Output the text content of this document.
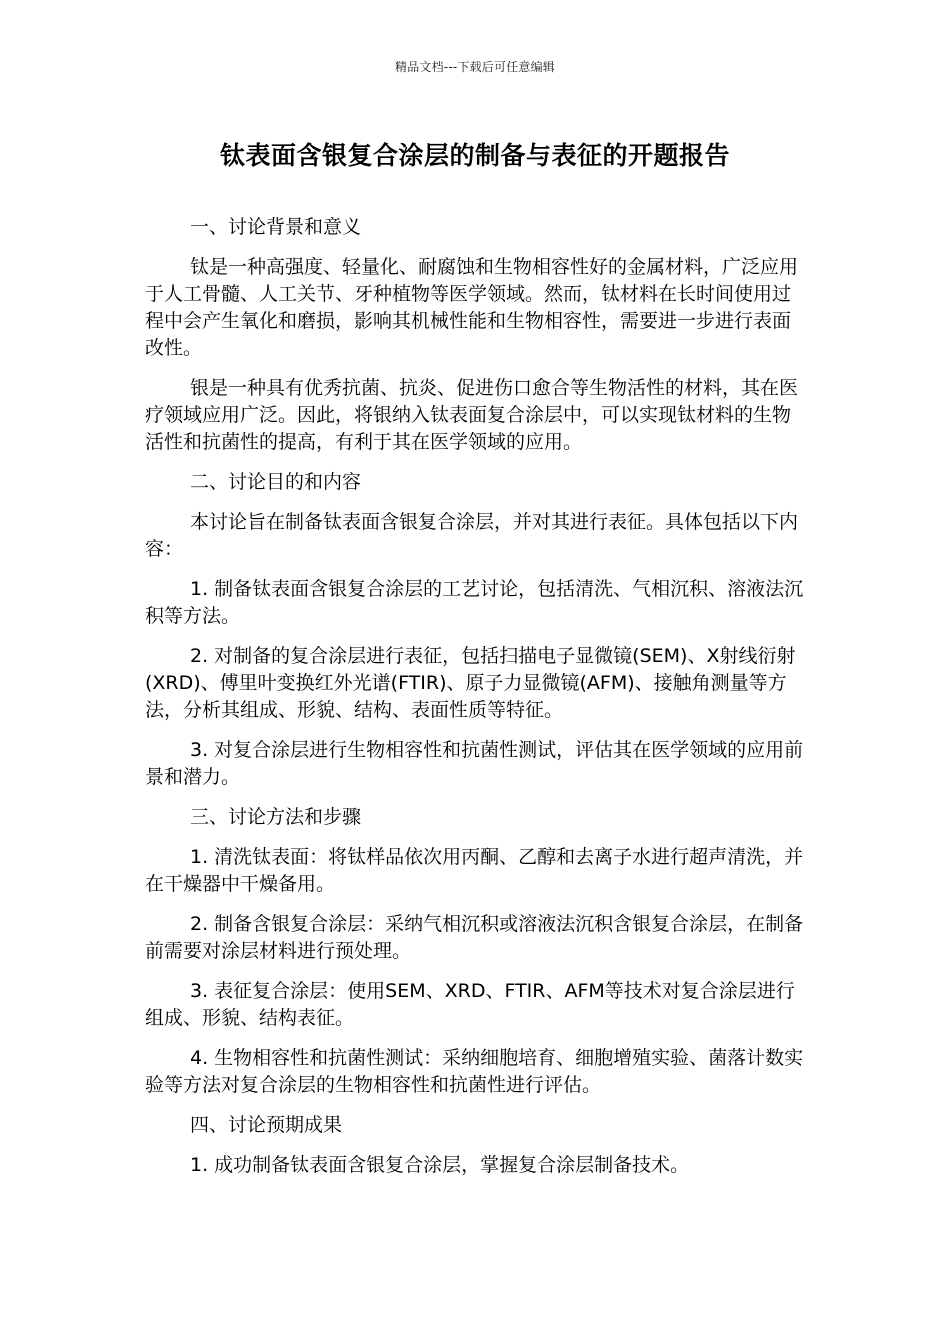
精品文档---下载后可任意编辑
钛表面含银复合涂层的制备与表征的开题报告
一、讨论背景和意义
钛是一种高强度、轻量化、耐腐蚀和生物相容性好的金属材料，广泛应用于人工骨髓、人工关节、牙种植物等医学领域。然而，钛材料在长时间使用过程中会产生氧化和磨损，影响其机械性能和生物相容性，需要进一步进行表面改性。
银是一种具有优秀抗菌、抗炎、促进伤口愈合等生物活性的材料，其在医疗领域应用广泛。因此，将银纳入钛表面复合涂层中，可以实现钛材料的生物活性和抗菌性的提高，有利于其在医学领域的应用。
二、讨论目的和内容
本讨论旨在制备钛表面含银复合涂层，并对其进行表征。具体包括以下内容：
1. 制备钛表面含银复合涂层的工艺讨论，包括清洗、气相沉积、溶液法沉积等方法。
2. 对制备的复合涂层进行表征，包括扫描电子显微镜(SEM)、X射线衍射(XRD)、傅里叶变换红外光谱(FTIR)、原子力显微镜(AFM)、接触角测量等方法，分析其组成、形貌、结构、表面性质等特征。
3. 对复合涂层进行生物相容性和抗菌性测试，评估其在医学领域的应用前景和潜力。
三、讨论方法和步骤
1. 清洗钛表面：将钛样品依次用丙酮、乙醇和去离子水进行超声清洗，并在干燥器中干燥备用。
2. 制备含银复合涂层：采纳气相沉积或溶液法沉积含银复合涂层，在制备前需要对涂层材料进行预处理。
3. 表征复合涂层：使用SEM、XRD、FTIR、AFM等技术对复合涂层进行组成、形貌、结构表征。
4. 生物相容性和抗菌性测试：采纳细胞培育、细胞增殖实验、菌落计数实验等方法对复合涂层的生物相容性和抗菌性进行评估。
四、讨论预期成果
1. 成功制备钛表面含银复合涂层，掌握复合涂层制备技术。
